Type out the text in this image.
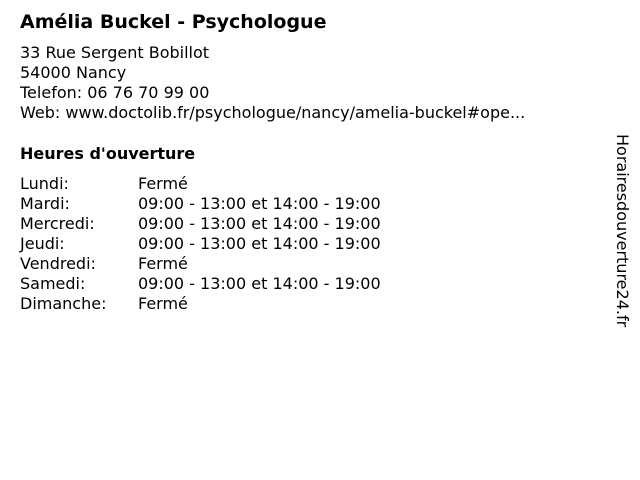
Amélia Buckel - Psychologue
33 Rue Sergent Bobillot
54000 Nancy
Telefon: 06 76 70 99 00
Web: www.doctolib.fr/psychologue/nancy/amelia-buckel#ope...
Heures d'ouverture
Lundi:	Fermé
Mardi:	09:00 - 13:00 et 14:00 - 19:00
Mercredi:	09:00 - 13:00 et 14:00 - 19:00
Jeudi:	09:00 - 13:00 et 14:00 - 19:00
Vendredi:	Fermé
Samedi:	09:00 - 13:00 et 14:00 - 19:00
Dimanche:	Fermé	Horairesdouverture24.fr
